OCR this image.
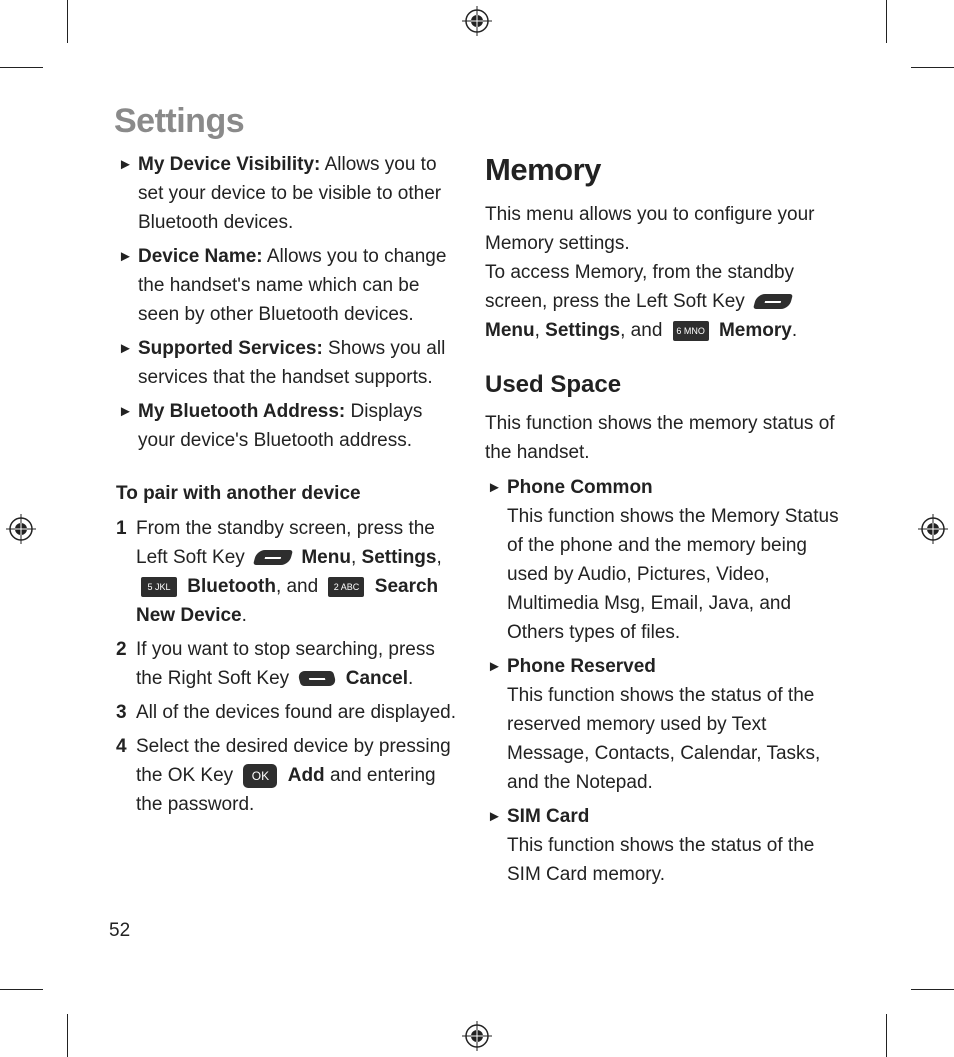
Settings
► My Device Visibility: Allows you to set your device to be visible to other Bluetooth devices.
► Device Name: Allows you to change the handset's name which can be seen by other Bluetooth devices.
► Supported Services: Shows you all services that the handset supports.
► My Bluetooth Address: Displays your device's Bluetooth address.
To pair with another device
1 From the standby screen, press the Left Soft Key	Menu, Settings, 5 JKL Bluetooth, and 2 ABC Search New Device.
2 If you want to stop searching, press the Right Soft Key	Cancel.
3 All of the devices found are displayed.
4 Select the desired device by pressing the OK Key OK Add and entering the password.
Memory

This menu allows you to configure your Memory settings.

To access Memory, from the standby screen, press the Left Soft Key
Menu, Settings, and 6 MNO Memory.

Used Space

This function shows the memory status of the handset.

► Phone Common
This function shows the Memory Status of the phone and the memory being used by Audio, Pictures, Video, Multimedia Msg, Email, Java, and Others types of files.
► Phone Reserved
This function shows the status of the reserved memory used by Text Message, Contacts, Calendar, Tasks, and the Notepad.
► SIM Card
This function shows the status of the SIM Card memory.
52
